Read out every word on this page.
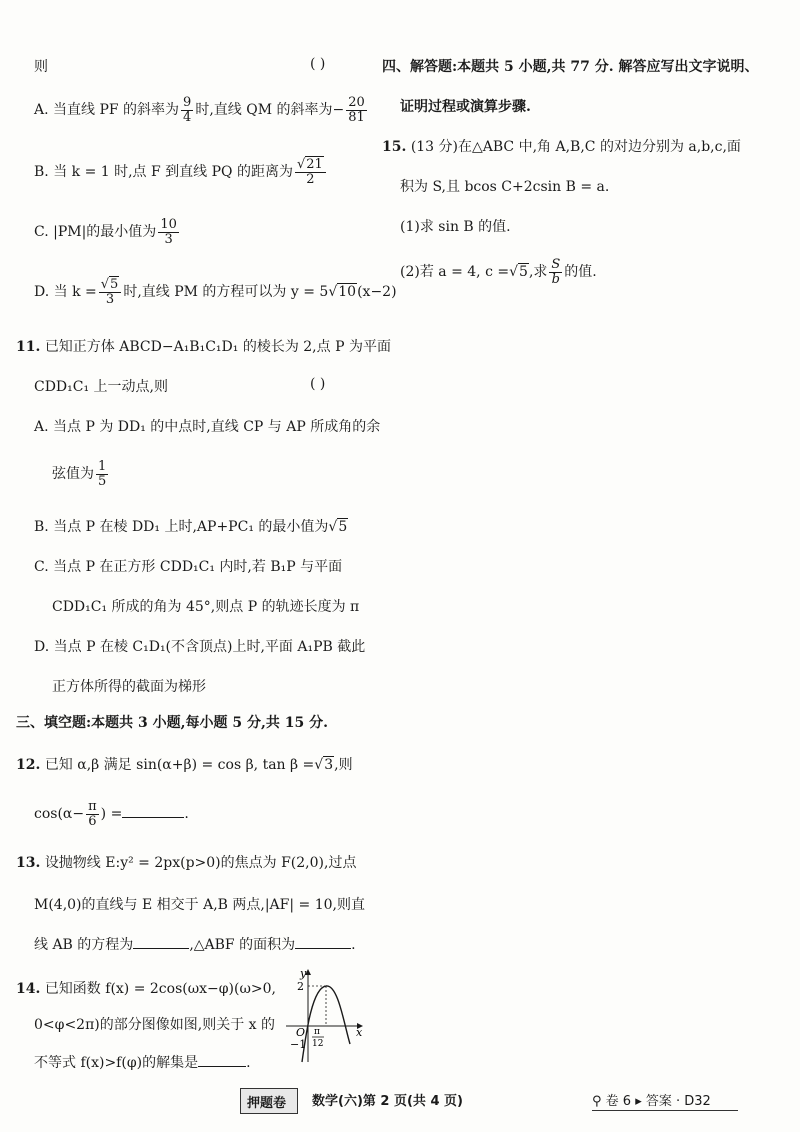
则	( )
A. 当直线 PF 的斜率为 $\frac{9}{4}$ 时,直线 QM 的斜率为− $\frac{20}{81}$
B. 当 k = 1 时,点 F 到直线 PQ 的距离为 $\frac{√21}{2}$
C. |PM|的最小值为 $\frac{10}{3}$
D. 当 $k = \frac{√5}{3}$ 时,直线 PM 的方程可以为 y = 5√10(x−2)
11. 已知正方体 ABCD−A₁B₁C₁D₁ 的棱长为 2,点 P 为平面
CDD₁C₁ 上一动点,则	( )
A. 当点 P 为 DD₁ 的中点时,直线 CP 与 AP 所成角的余
弦值为 $\frac{1}{5}$
B. 当点 P 在棱 DD₁ 上时,AP+PC₁ 的最小值为√5
C. 当点 P 在正方形 CDD₁C₁ 内时,若 B₁P 与平面
CDD₁C₁ 所成的角为 45°,则点 P 的轨迹长度为 π
D. 当点 P 在棱 C₁D₁(不含顶点)上时,平面 A₁PB 截此
正方体所得的截面为梯形
三、填空题:本题共 3 小题,每小题 5 分,共 15 分.
12. 已知 α,β 满足 sin(α+β) = cos β, tan β =√3,则
$\cos(\alpha- \frac{\pi}{6}$ ) =	.
13. 设抛物线 E:y² = 2px(p>0)的焦点为 F(2,0),过点
M(4,0)的直线与 E 相交于 A,B 两点,|AF| = 10,则直
线 AB 的方程为	,△ABF 的面积为	.
14. 已知函数 f(x) = 2cos(ωx−φ)(ω>0,
0<φ<2π)的部分图像如图,则关于 x 的
不等式 f(x)>f(φ)的解集是	.
y
x
2
O
−1
π
12
四、解答题:本题共 5 小题,共 77 分. 解答应写出文字说明、
证明过程或演算步骤.
15. (13 分)在△ABC 中,角 A,B,C 的对边分别为 a,b,c,面
积为 S,且 bcos C+2csin B = a.
(1)求 sin B 的值.
(2)若 a = 4, c =√5,求 $\frac{S}{b}$ 的值.
押题卷 数学(六)第 2 页(共 4 页)	⚲ 卷 6 ▸ 答案 · D32
